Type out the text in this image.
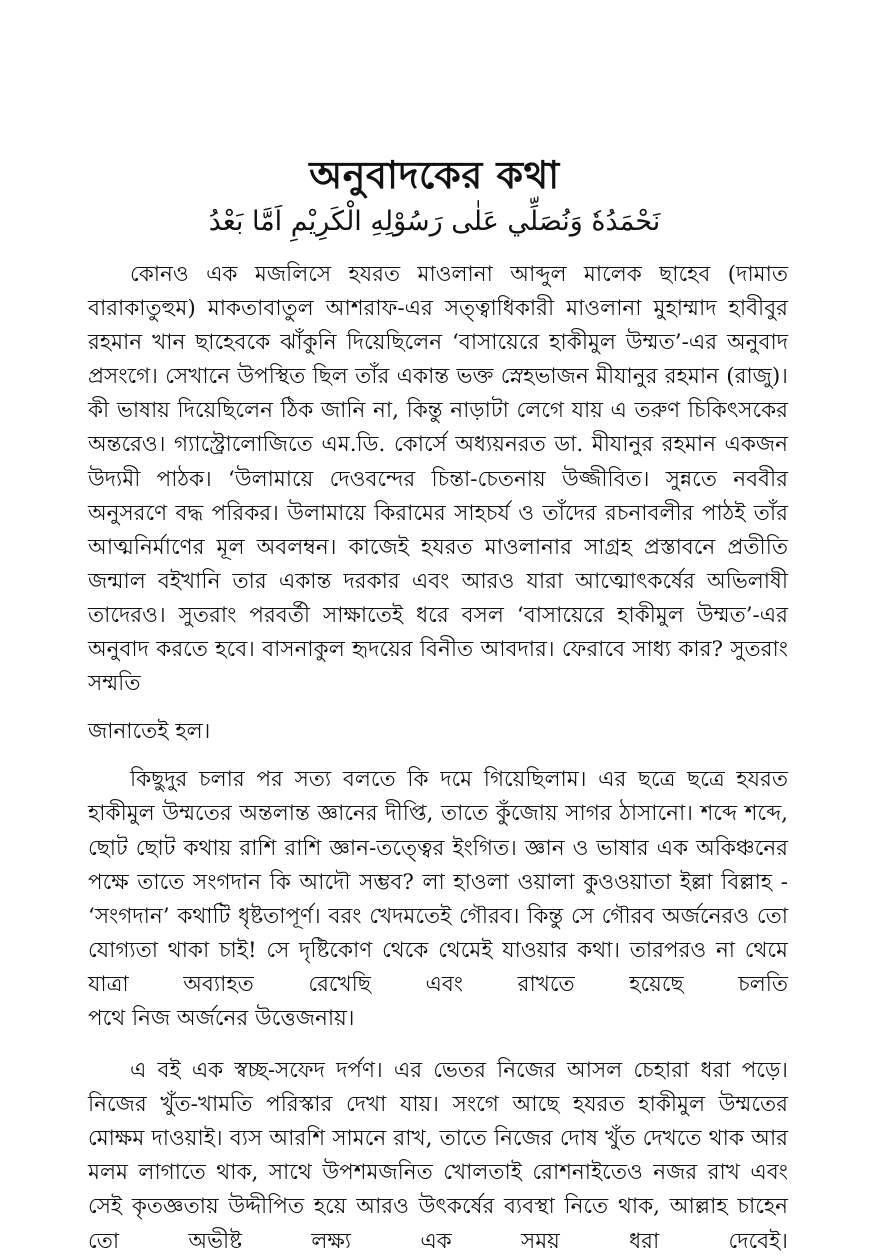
অনুবাদকের কথা
نَحْمَدُهٗ وَنُصَلِّي عَلٰى رَسُوْلِهِ الْكَرِيْمِ اَمَّا بَعْدُ

কোনও এক মজলিসে হযরত মাওলানা আব্দুল মালেক ছাহেব (দামাত বারাকাতুহুম) মাকতাবাতুল আশরাফ-এর সত্ত্বাধিকারী মাওলানা মুহাম্মাদ হাবীবুর রহমান খান ছাহেবকে ঝাঁকুনি দিয়েছিলেন ‘বাসায়েরে হাকীমুল উম্মত’-এর অনুবাদ প্রসংগে। সেখানে উপস্থিত ছিল তাঁর একান্ত ভক্ত স্নেহভাজন মীযানুর রহমান (রাজু)। কী ভাষায় দিয়েছিলেন ঠিক জানি না, কিন্তু নাড়াটা লেগে যায় এ তরুণ চিকিৎসকের অন্তরেও। গ্যাস্ট্রোলোজিতে এম.ডি. কোর্সে অধ্যয়নরত ডা. মীযানুর রহমান একজন উদ্যমী পাঠক। ‘উলামায়ে দেওবন্দের চিন্তা-চেতনায় উজ্জীবিত। সুন্নতে নববীর অনুসরণে বদ্ধ পরিকর। উলামায়ে কিরামের সাহচর্য ও তাঁদের রচনাবলীর পাঠই তাঁর আত্মনির্মাণের মূল অবলম্বন। কাজেই হযরত মাওলানার সাগ্রহ প্রস্তাবনে প্রতীতি জন্মাল বইখানি তার একান্ত দরকার এবং আরও যারা আত্মোৎকর্ষের অভিলাষী তাদেরও। সুতরাং পরবর্তী সাক্ষাতেই ধরে বসল ‘বাসায়েরে হাকীমুল উম্মত’-এর অনুবাদ করতে হবে। বাসনাকুল হৃদয়ের বিনীত আবদার। ফেরাবে সাধ্য কার? সুতরাং সম্মতি

জানাতেই হল।

কিছুদুর চলার পর সত্য বলতে কি দমে গিয়েছিলাম। এর ছত্রে ছত্রে হযরত হাকীমুল উম্মতের অন্তলান্ত জ্ঞানের দীপ্তি, তাতে কুঁজোয় সাগর ঠাসানো। শব্দে শব্দে, ছোট ছোট কথায় রাশি রাশি জ্ঞান-তত্ত্বের ইংগিত। জ্ঞান ও ভাষার এক অকিঞ্চনের পক্ষে তাতে সংগদান কি আদৌ সম্ভব? লা হাওলা ওয়ালা কুওওয়াতা ইল্লা বিল্লাহ - ‘সংগদান’ কথাটি ধৃষ্টতাপূর্ণ। বরং খেদমতেই গৌরব। কিন্তু সে গৌরব অর্জনেরও তো যোগ্যতা থাকা চাই! সে দৃষ্টিকোণ থেকে থেমেই যাওয়ার কথা। তারপরও না থেমে যাত্রা অব্যাহত রেখেছি এবং রাখতে হয়েছে চলতি

পথে নিজ অর্জনের উত্তেজনায়।

এ বই এক স্বচ্ছ-সফেদ দর্পণ। এর ভেতর নিজের আসল চেহারা ধরা পড়ে। নিজের খুঁত-খামতি পরিস্কার দেখা যায়। সংগে আছে হযরত হাকীমুল উম্মতের মোক্ষম দাওয়াই। ব্যস আরশি সামনে রাখ, তাতে নিজের দোষ খুঁত দেখতে থাক আর মলম লাগাতে থাক, সাথে উপশমজনিত খোলতাই রোশনাইতেও নজর রাখ এবং সেই কৃতজ্ঞতায় উদ্দীপিত হয়ে আরও উৎকর্ষের ব্যবস্থা নিতে থাক, আল্লাহ চাহেন তো অভীষ্ট লক্ষ্য এক সময় ধরা দেবেই।
